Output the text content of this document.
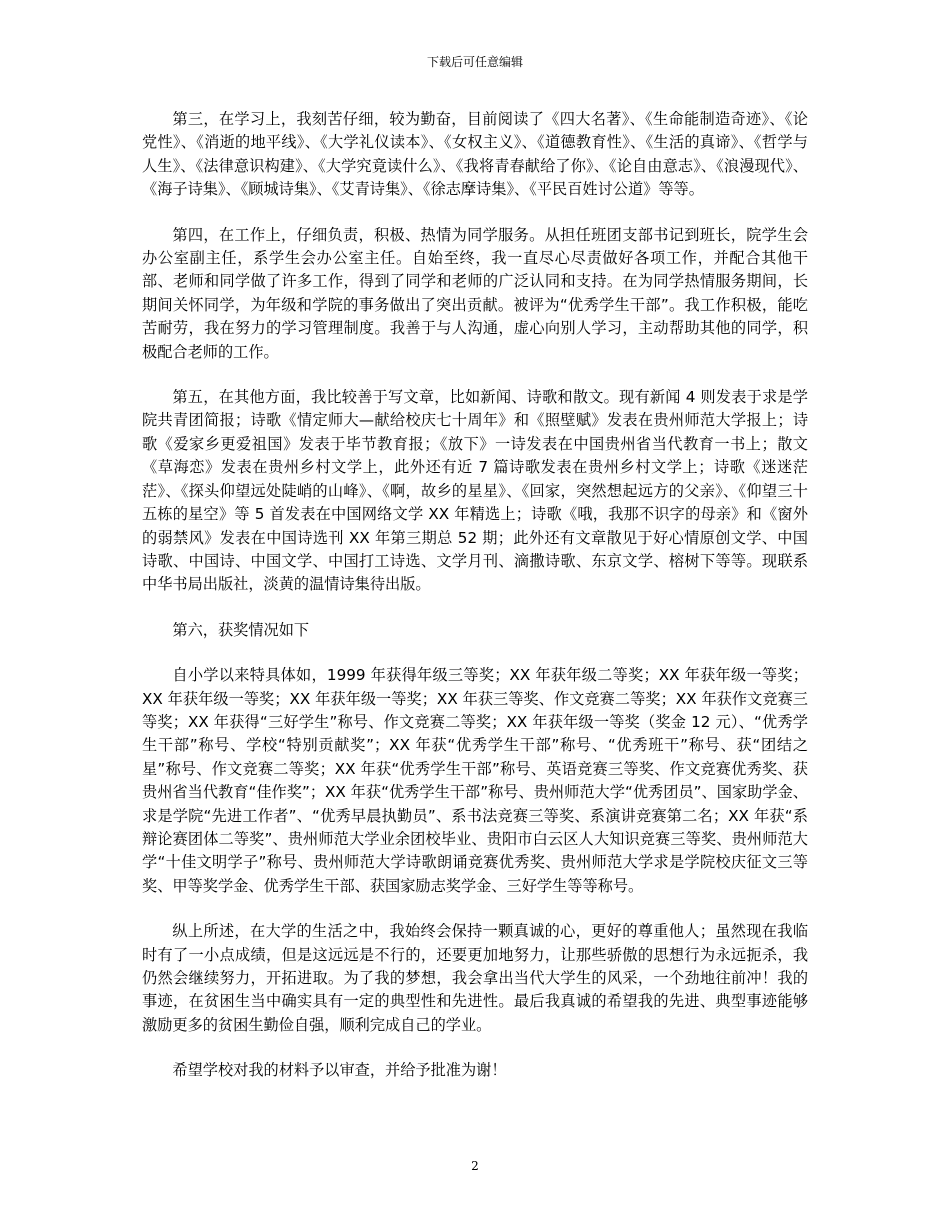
下载后可任意编辑

第三，在学习上，我刻苦仔细，较为勤奋，目前阅读了《四大名著》、《生命能制造奇迹》、《论党性》、《消逝的地平线》、《大学礼仪读本》、《女权主义》、《道德教育性》、《生活的真谛》、《哲学与人生》、《法律意识构建》、《大学究竟读什么》、《我将青春献给了你》、《论自由意志》、《浪漫现代》、《海子诗集》、《顾城诗集》、《艾青诗集》、《徐志摩诗集》、《平民百姓讨公道》等等。

第四，在工作上，仔细负责，积极、热情为同学服务。从担任班团支部书记到班长，院学生会办公室副主任，系学生会办公室主任。自始至终，我一直尽心尽责做好各项工作，并配合其他干部、老师和同学做了许多工作，得到了同学和老师的广泛认同和支持。在为同学热情服务期间，长期间关怀同学，为年级和学院的事务做出了突出贡献。被评为“优秀学生干部”。我工作积极，能吃苦耐劳，我在努力的学习管理制度。我善于与人沟通，虚心向别人学习，主动帮助其他的同学，积极配合老师的工作。

第五，在其他方面，我比较善于写文章，比如新闻、诗歌和散文。现有新闻 4 则发表于求是学院共青团简报；诗歌《情定师大—献给校庆七十周年》和《照壁赋》发表在贵州师范大学报上；诗歌《爱家乡更爱祖国》发表于毕节教育报；《放下》一诗发表在中国贵州省当代教育一书上；散文《草海恋》发表在贵州乡村文学上，此外还有近 7 篇诗歌发表在贵州乡村文学上；诗歌《迷迷茫茫》、《探头仰望远处陡峭的山峰》、《啊，故乡的星星》、《回家，突然想起远方的父亲》、《仰望三十五栋的星空》等 5 首发表在中国网络文学 XX 年精选上；诗歌《哦，我那不识字的母亲》和《窗外的弱禁风》发表在中国诗选刊 XX 年第三期总 52 期；此外还有文章散见于好心情原创文学、中国诗歌、中国诗、中国文学、中国打工诗选、文学月刊、滴撒诗歌、东京文学、榕树下等等。现联系中华书局出版社，淡黄的温情诗集待出版。

第六，获奖情况如下

自小学以来特具体如，1999 年获得年级三等奖；XX 年获年级二等奖；XX 年获年级一等奖；XX 年获年级一等奖；XX 年获年级一等奖；XX 年获三等奖、作文竞赛二等奖；XX 年获作文竞赛三等奖；XX 年获得“三好学生”称号、作文竞赛二等奖；XX 年获年级一等奖（奖金 12 元）、“优秀学生干部”称号、学校“特别贡献奖”；XX 年获“优秀学生干部”称号、“优秀班干”称号、获“团结之星”称号、作文竞赛二等奖；XX 年获“优秀学生干部”称号、英语竞赛三等奖、作文竞赛优秀奖、获贵州省当代教育“佳作奖”；XX 年获“优秀学生干部”称号、贵州师范大学“优秀团员”、国家助学金、求是学院“先进工作者”、“优秀早晨执勤员”、系书法竞赛三等奖、系演讲竞赛第二名；XX 年获“系辩论赛团体二等奖”、贵州师范大学业余团校毕业、贵阳市白云区人大知识竞赛三等奖、贵州师范大学“十佳文明学子”称号、贵州师范大学诗歌朗诵竞赛优秀奖、贵州师范大学求是学院校庆征文三等奖、甲等奖学金、优秀学生干部、获国家励志奖学金、三好学生等等称号。

纵上所述，在大学的生活之中，我始终会保持一颗真诚的心，更好的尊重他人；虽然现在我临时有了一小点成绩，但是这远远是不行的，还要更加地努力，让那些骄傲的思想行为永远扼杀，我仍然会继续努力，开拓进取。为了我的梦想，我会拿出当代大学生的风采，一个劲地往前冲！我的事迹，在贫困生当中确实具有一定的典型性和先进性。最后我真诚的希望我的先进、典型事迹能够激励更多的贫困生勤俭自强，顺利完成自己的学业。

希望学校对我的材料予以审查，并给予批准为谢！

2
